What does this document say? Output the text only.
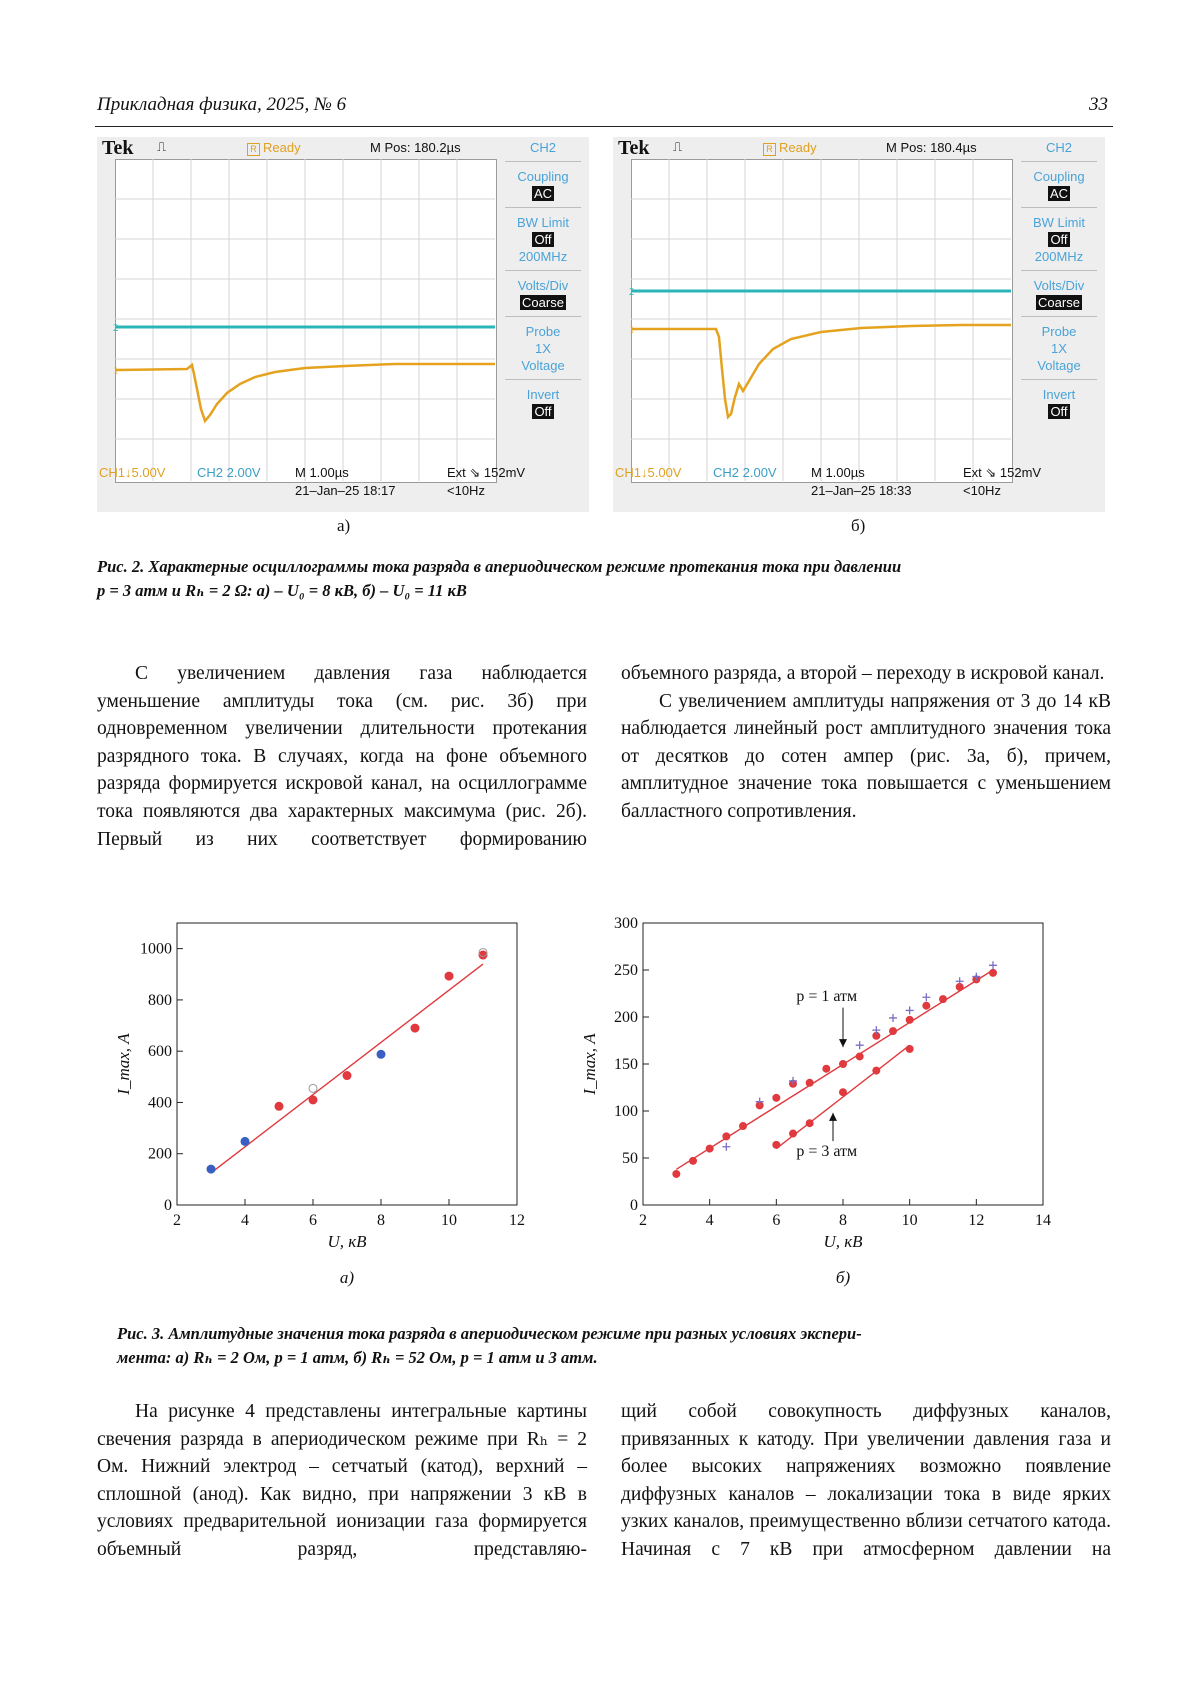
Прикладная физика, 2025, № 6	33
Tek ⎍	R Ready	M Pos: 180.2µs
2
1
CH2
Coupling
AC
BW Limit
Off
200MHz
Volts/Div
Coarse
Probe
1X
Voltage
Invert
Off
CH1↓5.00V CH2 2.00V	M 1.00µs
21–Jan–25 18:17
Ext ⇘ 152mV
<10Hz
Tek ⎍	R Ready	M Pos: 180.4µs
2
1
CH2
Coupling
AC
BW Limit
Off
200MHz
Volts/Div
Coarse
Probe
1X
Voltage
Invert
Off
CH1↓5.00V CH2 2.00V	M 1.00µs
21–Jan–25 18:33
Ext ⇘ 152mV
<10Hz
а)	б)
Рис. 2. Характерные осциллограммы тока разряда в апериодическом режиме протекания тока при давлении
p = 3 атм и Rₕ = 2 Ω: а) – U₀ = 8 кВ, б) – U₀ = 11 кВ

С увеличением давления газа наблюдается уменьшение амплитуды тока (см. рис. 3б) при одновременном увеличении длительности протекания разрядного тока. В случаях, когда на фоне объемного разряда формируется искровой канал, на осциллограмме тока появляются два характерных максимума (рис. 2б). Первый из них соответствует формированию

объемного разряда, а второй – переходу в искровой канал.

С увеличением амплитуды напряжения от 3 до 14 кВ наблюдается линейный рост амплитудного значения тока от десятков до сотен ампер (рис. 3а, б), причем, амплитудное значение тока повышается с уменьшением балластного сопротивления.

2	4	6	8	10	12
0
200
400
600
800
1000
U, кВ
I_max, А
а)
2	4	6	8	10	12	14
0
50
100
150
200
250
300
U, кВ
I_max, А
б)
p = 1 атм
p = 3 атм
Рис. 3. Амплитудные значения тока разряда в апериодическом режиме при разных условиях экспери-
мента: а) Rₕ = 2 Ом, p = 1 атм, б) Rₕ = 52 Ом, p = 1 атм и 3 атм.

На рисунке 4 представлены интегральные картины свечения разряда в апериодическом режиме при Rₕ = 2 Ом. Нижний электрод – сетчатый (катод), верхний – сплошной (анод). Как видно, при напряжении 3 кВ в условиях предварительной ионизации газа формируется объемный разряд, представляю-

щий собой совокупность диффузных каналов, привязанных к катоду. При увеличении давления газа и более высоких напряжениях возможно появление диффузных каналов – локализации тока в виде ярких узких каналов, преимущественно вблизи сетчатого катода. Начиная с 7 кВ при атмосферном давлении на
